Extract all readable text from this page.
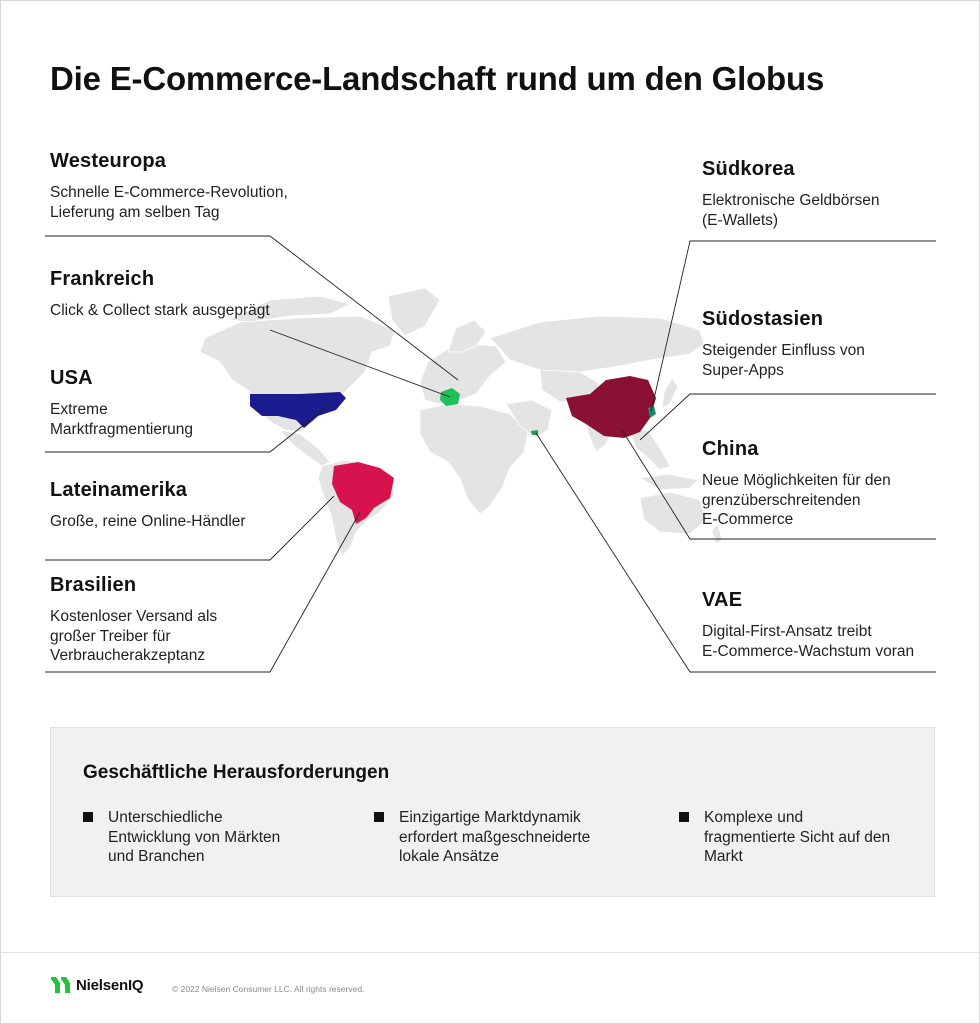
Die E-Commerce-Landschaft rund um den Globus
Westeuropa
Schnelle E-Commerce-Revolution,
Lieferung am selben Tag
Frankreich
Click & Collect stark ausgeprägt
USA
Extreme
Marktfragmentierung
Lateinamerika
Große, reine Online-Händler
Brasilien
Kostenloser Versand als
großer Treiber für
Verbraucherakzeptanz
Südkorea
Elektronische Geldbörsen
(E-Wallets)
Südostasien
Steigender Einfluss von
Super-Apps
China
Neue Möglichkeiten für den
grenzüberschreitenden
E-Commerce
VAE
Digital-First-Ansatz treibt
E-Commerce-Wachstum voran
Geschäftliche Herausforderungen
Unterschiedliche
Entwicklung von Märkten
und Branchen
Einzigartige Marktdynamik
erfordert maßgeschneiderte
lokale Ansätze
Komplexe und
fragmentierte Sicht auf den
Markt
NielsenIQ	© 2022 Nielsen Consumer LLC. All rights reserved.
